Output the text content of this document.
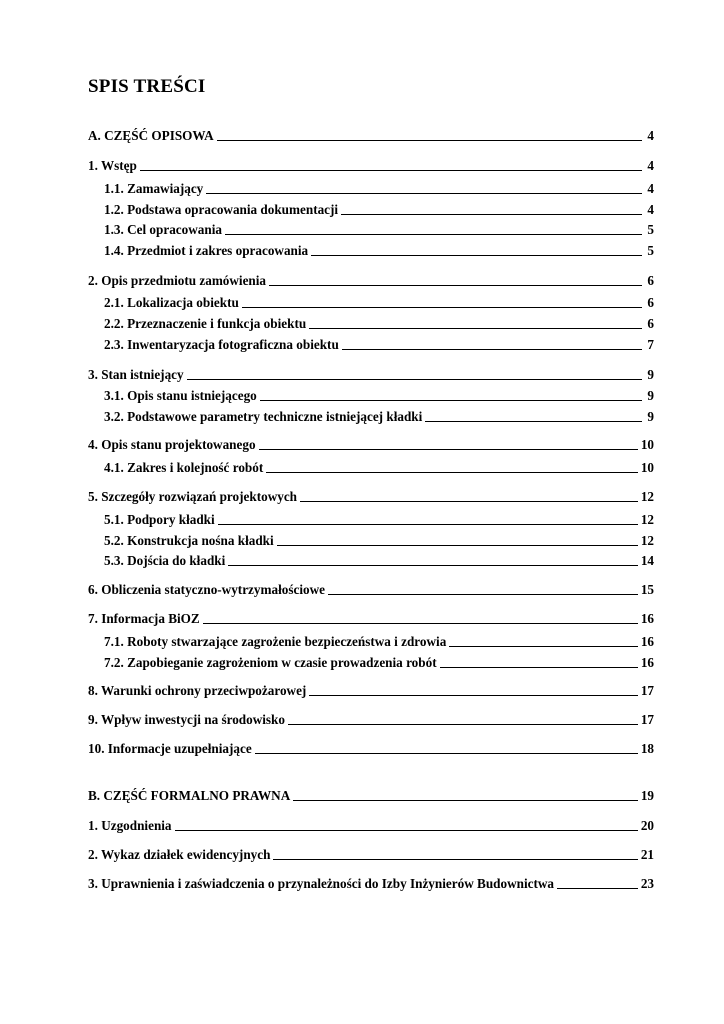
SPIS TREŚCI
A. CZĘŚĆ OPISOWA	4
1. Wstęp	4
1.1. Zamawiający	4
1.2. Podstawa opracowania dokumentacji	4
1.3. Cel opracowania	5
1.4. Przedmiot i zakres opracowania	5
2. Opis przedmiotu zamówienia	6
2.1. Lokalizacja obiektu	6
2.2. Przeznaczenie i funkcja obiektu	6
2.3. Inwentaryzacja fotograficzna obiektu	7
3. Stan istniejący	9
3.1. Opis stanu istniejącego	9
3.2. Podstawowe parametry techniczne istniejącej kładki	9
4. Opis stanu projektowanego	10
4.1. Zakres i kolejność robót	10
5. Szczegóły rozwiązań projektowych	12
5.1. Podpory kładki	12
5.2. Konstrukcja nośna kładki	12
5.3. Dojścia do kładki	14
6. Obliczenia statyczno-wytrzymałościowe	15
7. Informacja BiOZ	16
7.1. Roboty stwarzające zagrożenie bezpieczeństwa i zdrowia	16
7.2. Zapobieganie zagrożeniom w czasie prowadzenia robót	16
8. Warunki ochrony przeciwpożarowej	17
9. Wpływ inwestycji na środowisko	17
10. Informacje uzupełniające	18
B. CZĘŚĆ FORMALNO PRAWNA	19
1. Uzgodnienia	20
2. Wykaz działek ewidencyjnych	21
3. Uprawnienia i zaświadczenia o przynależności do Izby Inżynierów Budownictwa	23
